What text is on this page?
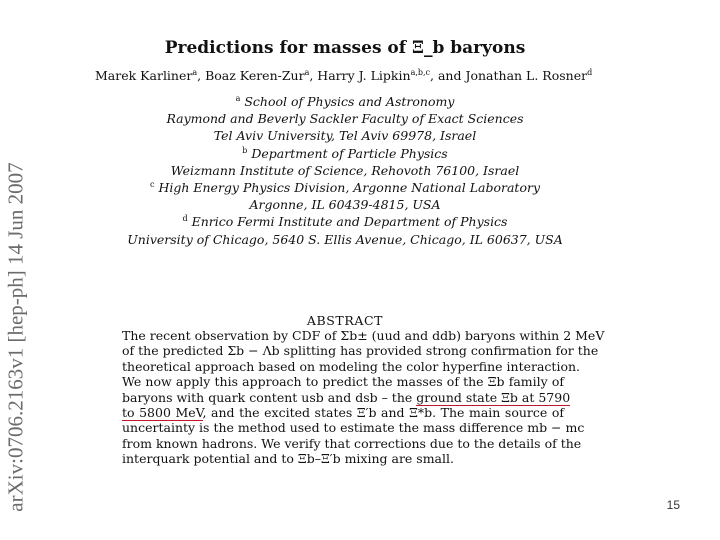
arXiv:0706.2163v1 [hep-ph] 14 Jun 2007
Predictions for masses of Ξ_b baryons
Marek Karliner$^a$, Boaz Keren-Zur$^a$, Harry J. Lipkin$^{a,b,c}$, and Jonathan L. Rosner$^d$
$^a$ School of Physics and Astronomy
Raymond and Beverly Sackler Faculty of Exact Sciences
Tel Aviv University, Tel Aviv 69978, Israel
$^b$ Department of Particle Physics
Weizmann Institute of Science, Rehovoth 76100, Israel
$^c$ High Energy Physics Division, Argonne National Laboratory
Argonne, IL 60439-4815, USA
$^d$ Enrico Fermi Institute and Department of Physics
University of Chicago, 5640 S. Ellis Avenue, Chicago, IL 60637, USA
ABSTRACT
The recent observation by CDF of Σb± (uud and ddb) baryons within 2 MeV
of the predicted Σb − Λb splitting has provided strong confirmation for the
theoretical approach based on modeling the color hyperfine interaction.
We now apply this approach to predict the masses of the Ξb family of
baryons with quark content usb and dsb – the ground state Ξb at 5790
to 5800 MeV, and the excited states Ξ′b and Ξ*b. The main source of
uncertainty is the method used to estimate the mass difference mb − mc
from known hadrons. We verify that corrections due to the details of the
interquark potential and to Ξb–Ξ′b mixing are small.
15
